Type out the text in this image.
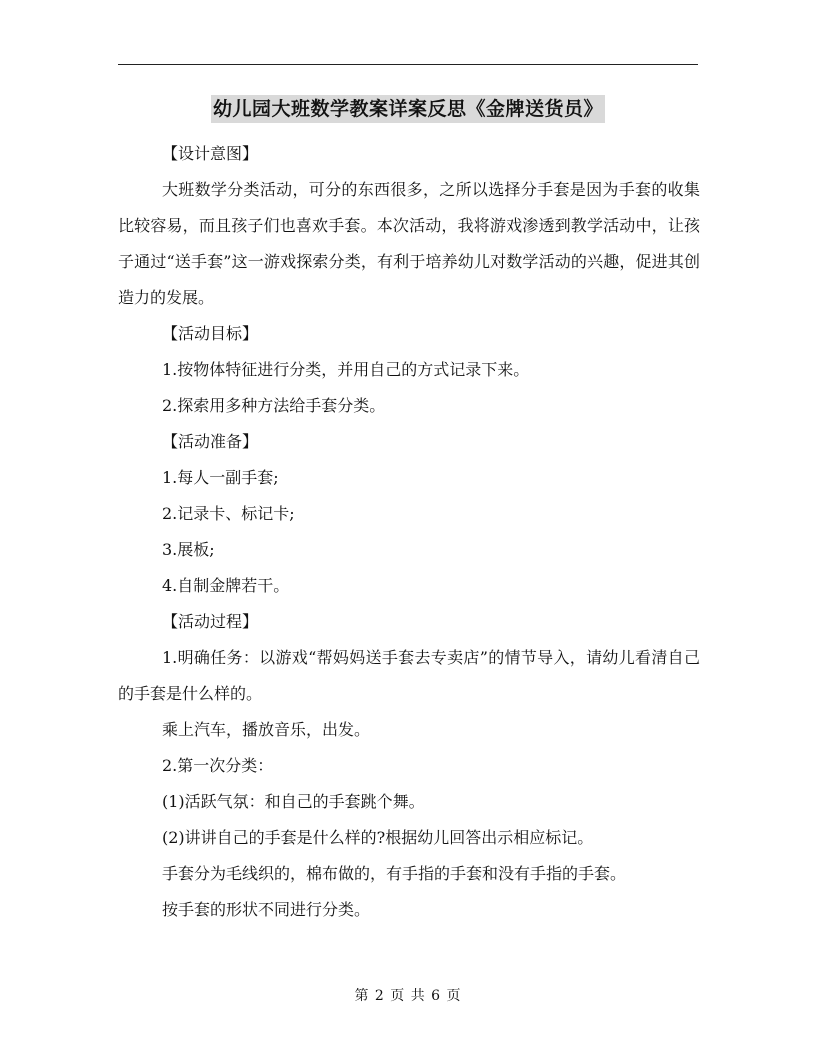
幼儿园大班数学教案详案反思《金牌送货员》

【设计意图】

大班数学分类活动，可分的东西很多，之所以选择分手套是因为手套的收集比较容易，而且孩子们也喜欢手套。本次活动，我将游戏渗透到教学活动中，让孩子通过“送手套”这一游戏探索分类，有利于培养幼儿对数学活动的兴趣，促进其创造力的发展。

【活动目标】

1.按物体特征进行分类，并用自己的方式记录下来。

2.探索用多种方法给手套分类。

【活动准备】

1.每人一副手套;

2.记录卡、标记卡;

3.展板;

4.自制金牌若干。

【活动过程】

1.明确任务：以游戏“帮妈妈送手套去专卖店”的情节导入，请幼儿看清自己的手套是什么样的。

乘上汽车，播放音乐，出发。

2.第一次分类：

(1)活跃气氛：和自己的手套跳个舞。

(2)讲讲自己的手套是什么样的?根据幼儿回答出示相应标记。

手套分为毛线织的，棉布做的，有手指的手套和没有手指的手套。

按手套的形状不同进行分类。

第 2 页 共 6 页
